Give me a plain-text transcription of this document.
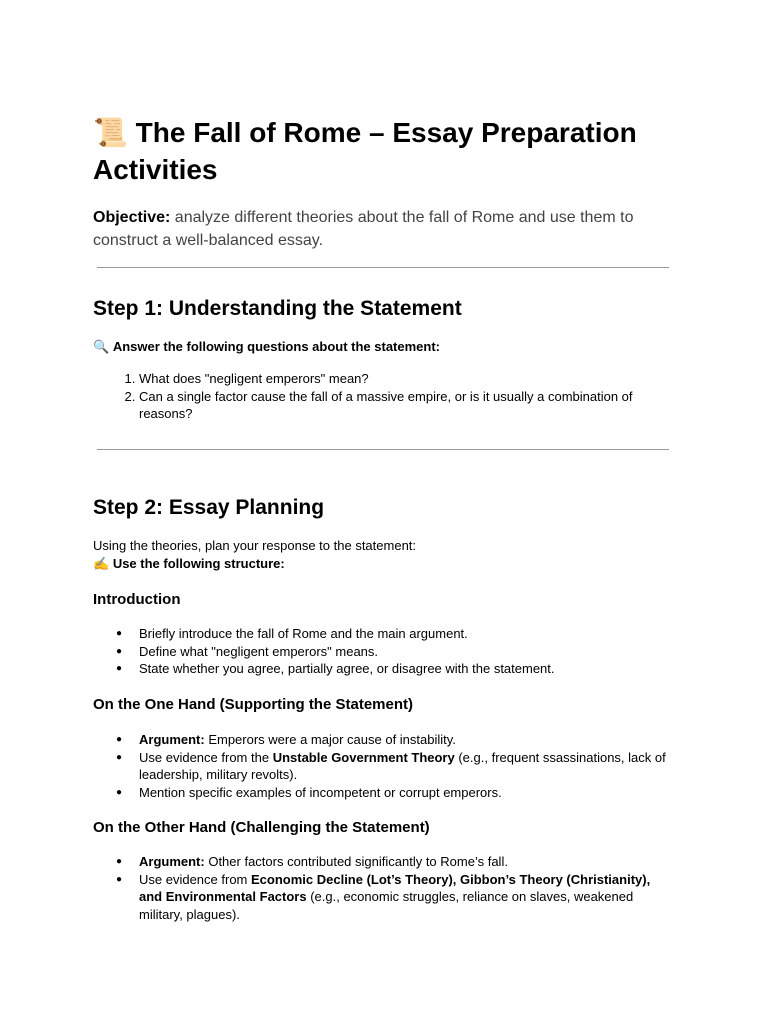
📜 The Fall of Rome – Essay Preparation Activities

Objective: analyze different theories about the fall of Rome and use them to construct a well-balanced essay.

Step 1: Understanding the Statement

🔍 Answer the following questions about the statement:

1. What does "negligent emperors" mean?
2. Can a single factor cause the fall of a massive empire, or is it usually a combination of reasons?
Step 2: Essay Planning

Using the theories, plan your response to the statement:

✍️ Use the following structure:

Introduction
● Briefly introduce the fall of Rome and the main argument.
● Define what "negligent emperors" means.
● State whether you agree, partially agree, or disagree with the statement.
On the One Hand (Supporting the Statement)
● Argument: Emperors were a major cause of instability.
● Use evidence from the Unstable Government Theory (e.g., frequent ssassinations, lack of leadership, military revolts).
● Mention specific examples of incompetent or corrupt emperors.
On the Other Hand (Challenging the Statement)
● Argument: Other factors contributed significantly to Rome’s fall.
● Use evidence from Economic Decline (Lot’s Theory), Gibbon’s Theory (Christianity), and Environmental Factors (e.g., economic struggles, reliance on slaves, weakened military, plagues).
